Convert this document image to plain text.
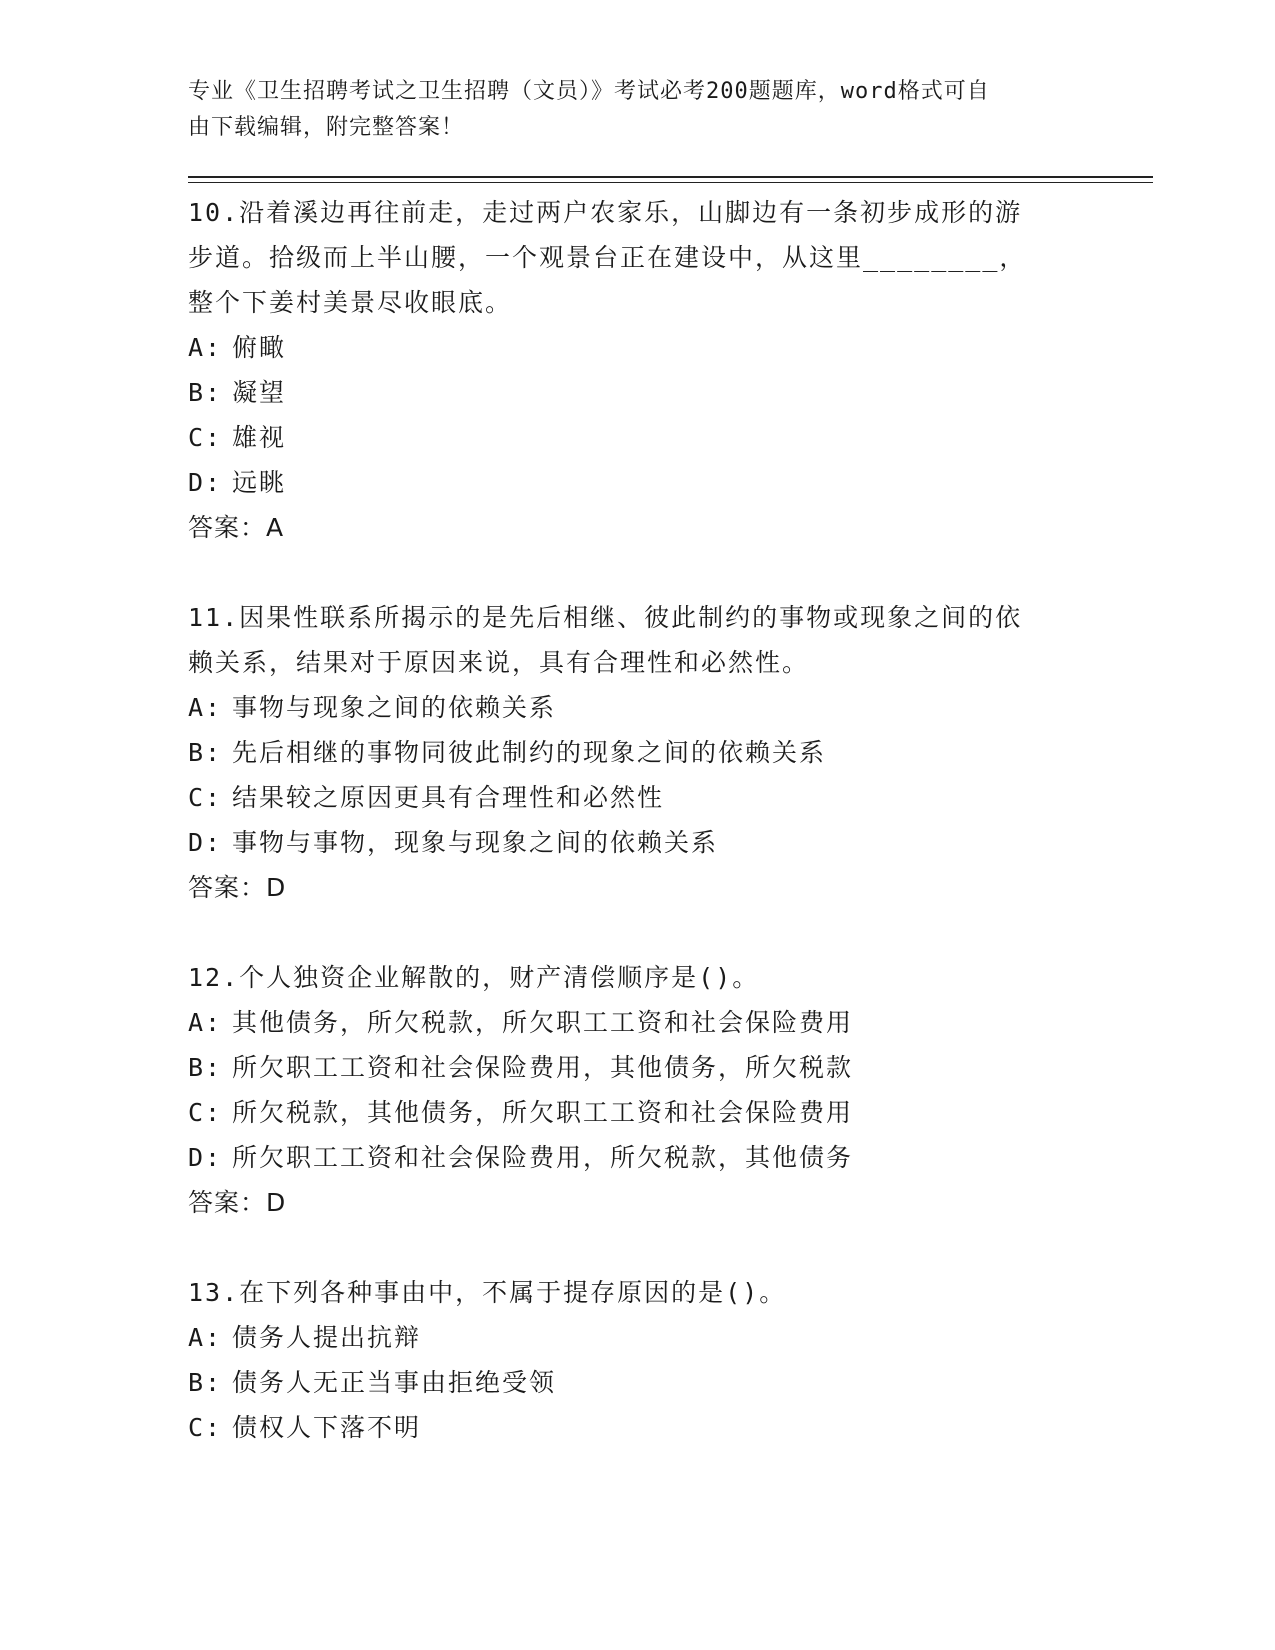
专业《卫生招聘考试之卫生招聘（文员）》考试必考200题题库，word格式可自
由下载编辑，附完整答案！
10.沿着溪边再往前走，走过两户农家乐，山脚边有一条初步成形的游
步道。拾级而上半山腰，一个观景台正在建设中，从这里________，
整个下姜村美景尽收眼底。
A: 俯瞰
B: 凝望
C: 雄视
D: 远眺
答案：A
11.因果性联系所揭示的是先后相继、彼此制约的事物或现象之间的依
赖关系，结果对于原因来说，具有合理性和必然性。
A: 事物与现象之间的依赖关系
B: 先后相继的事物同彼此制约的现象之间的依赖关系
C: 结果较之原因更具有合理性和必然性
D: 事物与事物，现象与现象之间的依赖关系
答案：D
12.个人独资企业解散的，财产清偿顺序是()。
A: 其他债务，所欠税款，所欠职工工资和社会保险费用
B: 所欠职工工资和社会保险费用，其他债务，所欠税款
C: 所欠税款，其他债务，所欠职工工资和社会保险费用
D: 所欠职工工资和社会保险费用，所欠税款，其他债务
答案：D
13.在下列各种事由中，不属于提存原因的是()。
A: 债务人提出抗辩
B: 债务人无正当事由拒绝受领
C: 债权人下落不明
